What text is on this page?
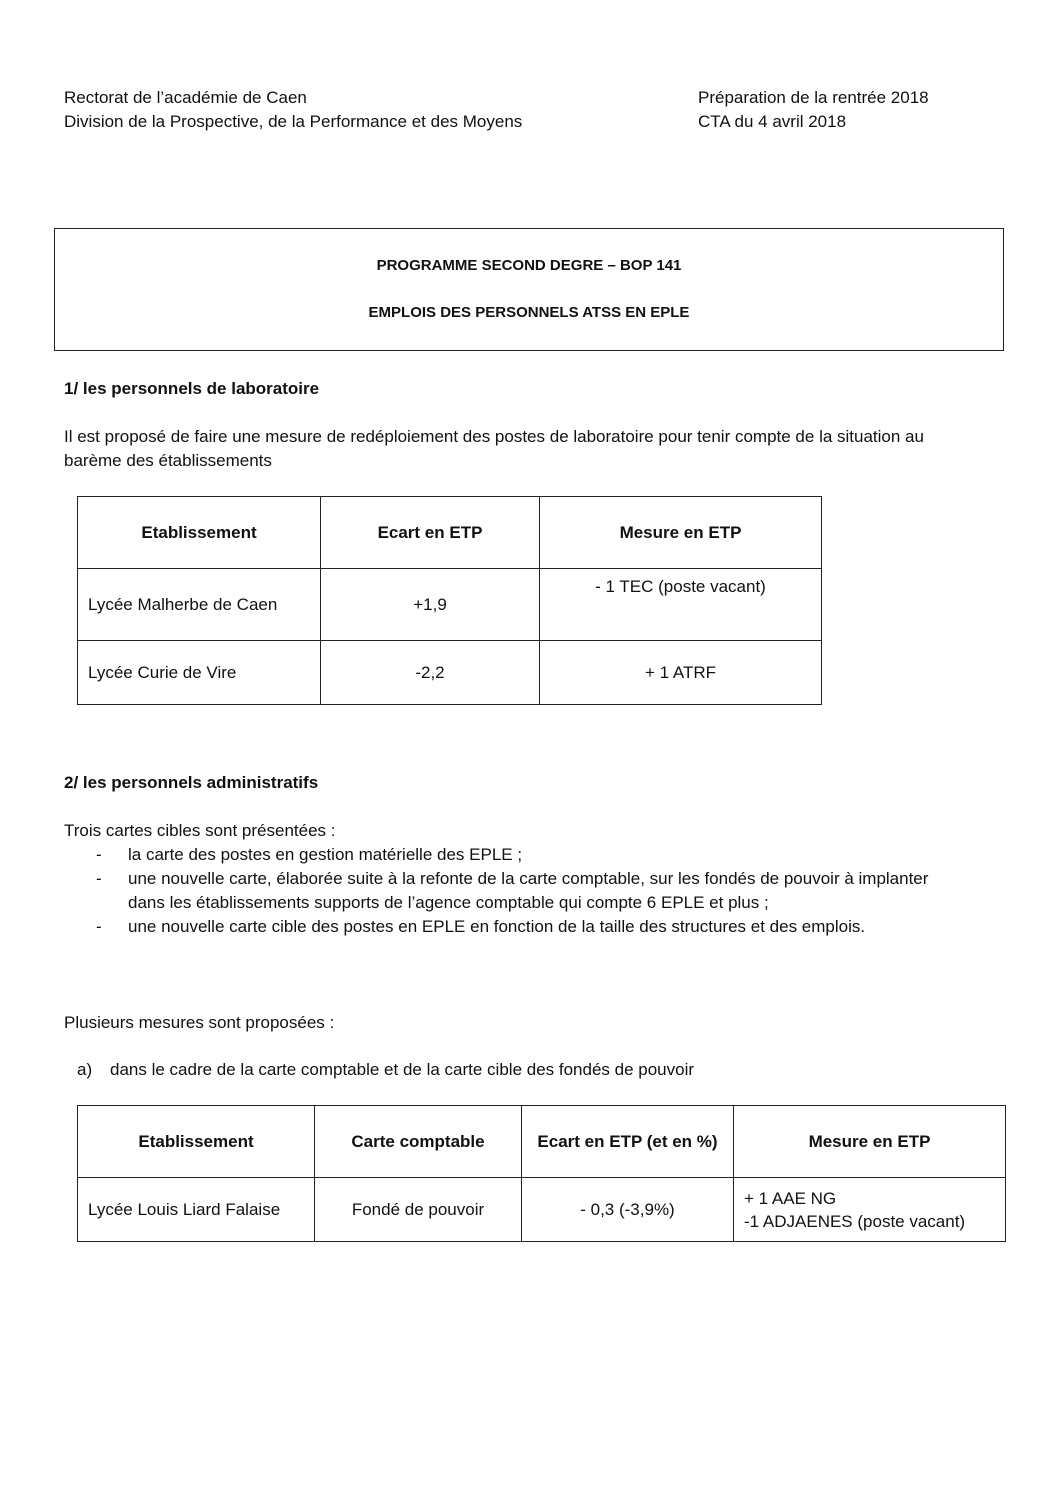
Rectorat de l’académie de Caen
Division de la Prospective, de la Performance et des Moyens
Préparation de la rentrée 2018
CTA du 4 avril 2018
PROGRAMME SECOND DEGRE – BOP 141
EMPLOIS DES PERSONNELS ATSS EN EPLE
1/ les personnels de laboratoire
Il est proposé de faire une mesure de redéploiement des postes de laboratoire pour tenir compte de la situation au
barème des établissements
Etablissement	Ecart en ETP	Mesure en ETP
Lycée Malherbe de Caen	+1,9	- 1 TEC (poste vacant)
Lycée Curie de Vire	-2,2	+ 1 ATRF
2/ les personnels administratifs
Trois cartes cibles sont présentées :
- la carte des postes en gestion matérielle des EPLE ;
- une nouvelle carte, élaborée suite à la refonte de la carte comptable, sur les fondés de pouvoir à implanter
dans les établissements supports de l’agence comptable qui compte 6 EPLE et plus ;
- une nouvelle carte cible des postes en EPLE en fonction de la taille des structures et des emplois.
Plusieurs mesures sont proposées :
a) dans le cadre de la carte comptable et de la carte cible des fondés de pouvoir
Etablissement	Carte comptable	Ecart en ETP (et en %)	Mesure en ETP
Lycée Louis Liard Falaise	Fondé de pouvoir	- 0,3 (-3,9%)	+ 1 AAE NG
-1 ADJAENES (poste vacant)
